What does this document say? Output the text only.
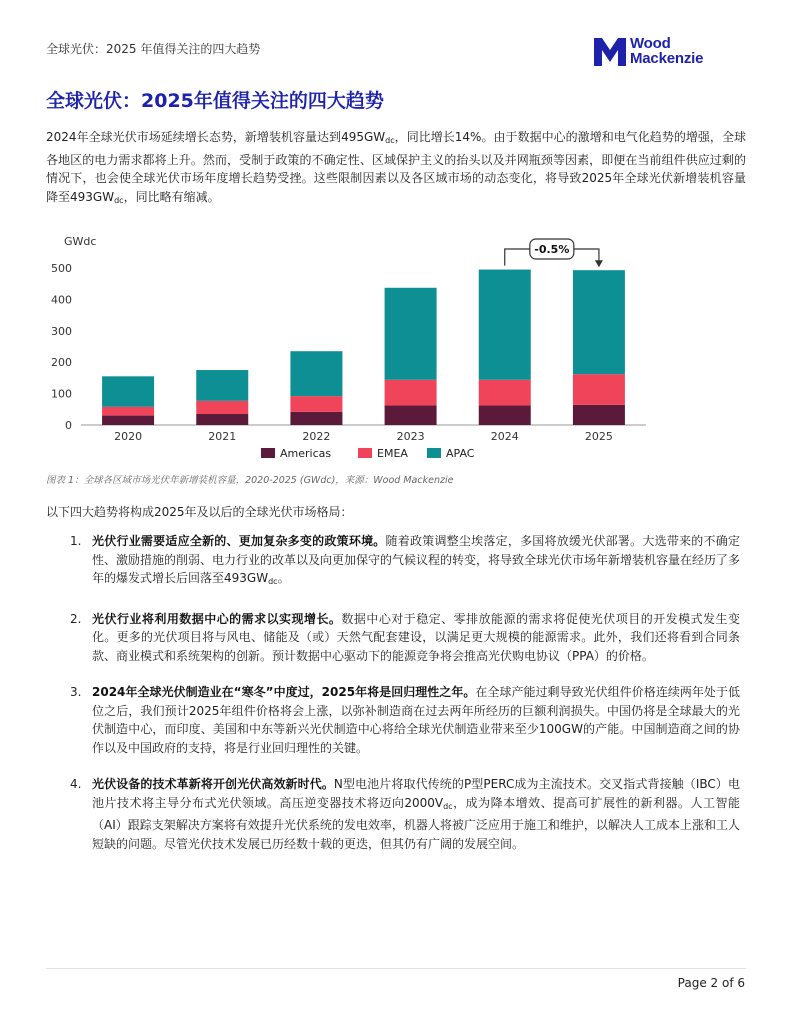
全球光伏：2025 年值得关注的四大趋势	Wood
Mackenzie
全球光伏：2025年值得关注的四大趋势
2024年全球光伏市场延续增长态势，新增装机容量达到$495GW_{dc}$，同比增长14%。由于数据中心的激增和电气化趋势的增强，全球各地区的电力需求都将上升。然而，受制于政策的不确定性、区域保护主义的抬头以及并网瓶颈等因素，即便在当前组件供应过剩的情况下，也会使全球光伏市场年度增长趋势受挫。这些限制因素以及各区域市场的动态变化，将导致2025年全球光伏新增装机容量降至$493GW_{dc}$，同比略有缩减。
GWdc
0
100
200
300
400
500
2020	2021	2022	2023	2024	2025
-0.5%
Americas	EMEA	APAC
图表 1：全球各区域市场光伏年新增装机容量，2020-2025 (GWdc)，来源：Wood Mackenzie
以下四大趋势将构成2025年及以后的全球光伏市场格局：
1. 光伏行业需要适应全新的、更加复杂多变的政策环境。随着政策调整尘埃落定，多国将放缓光伏部署。大选带来的不确定性、激励措施的削弱、电力行业的改革以及向更加保守的气候议程的转变，将导致全球光伏市场年新增装机容量在经历了多年的爆发式增长后回落至$493GW_{dc}$。
2. 光伏行业将利用数据中心的需求以实现增长。数据中心对于稳定、零排放能源的需求将促使光伏项目的开发模式发生变化。更多的光伏项目将与风电、储能及（或）天然气配套建设，以满足更大规模的能源需求。此外，我们还将看到合同条款、商业模式和系统架构的创新。预计数据中心驱动下的能源竞争将会推高光伏购电协议（PPA）的价格。
3. 2024年全球光伏制造业在“寒冬”中度过，2025年将是回归理性之年。在全球产能过剩导致光伏组件价格连续两年处于低位之后，我们预计2025年组件价格将会上涨，以弥补制造商在过去两年所经历的巨额利润损失。中国仍将是全球最大的光伏制造中心，而印度、美国和中东等新兴光伏制造中心将给全球光伏制造业带来至少100GW的产能。中国制造商之间的协作以及中国政府的支持，将是行业回归理性的关键。
4. 光伏设备的技术革新将开创光伏高效新时代。N型电池片将取代传统的P型PERC成为主流技术。交叉指式背接触（IBC）电池片技术将主导分布式光伏领域。高压逆变器技术将迈向$2000V_{dc}$，成为降本增效、提高可扩展性的新利器。人工智能（AI）跟踪支架解决方案将有效提升光伏系统的发电效率，机器人将被广泛应用于施工和维护，以解决人工成本上涨和工人短缺的问题。尽管光伏技术发展已历经数十载的更迭，但其仍有广阔的发展空间。
Page 2 of 6
